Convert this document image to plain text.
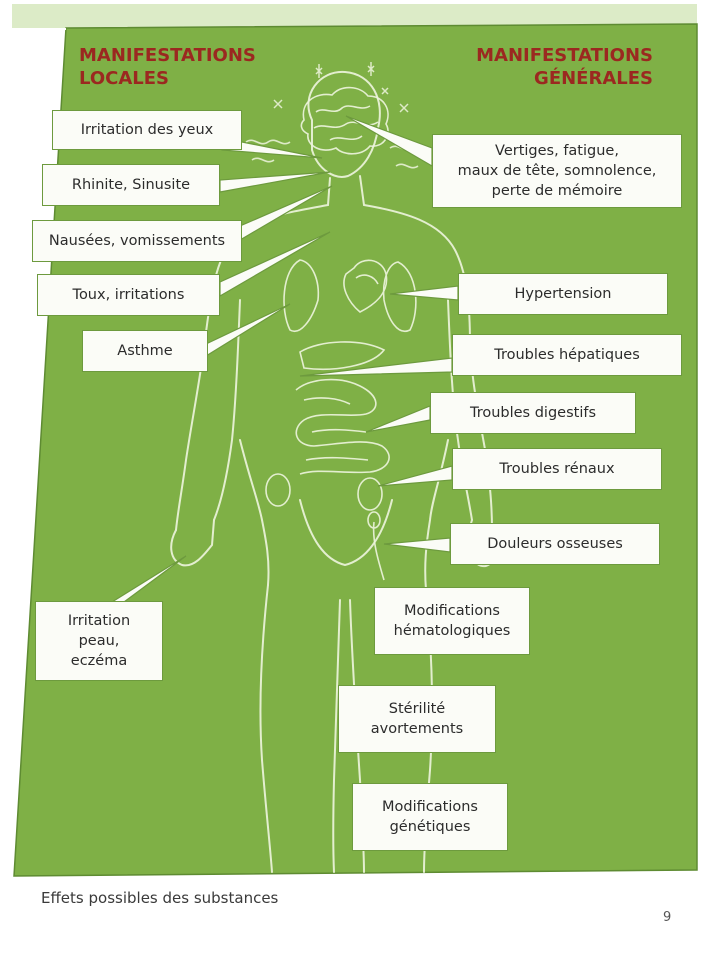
MANIFESTATIONS
LOCALES
MANIFESTATIONS
GÉNÉRALES
Irritation des yeux
Rhinite, Sinusite
Nausées, vomissements
Toux, irritations
Asthme
Irritation
peau,
eczéma
Vertiges, fatigue,
maux de tête, somnolence,
perte de mémoire
Hypertension
Troubles hépatiques
Troubles digestifs
Troubles rénaux
Douleurs osseuses
Modifications
hématologiques
Stérilité
avortements
Modifications
génétiques

Effets possibles des substances

9
